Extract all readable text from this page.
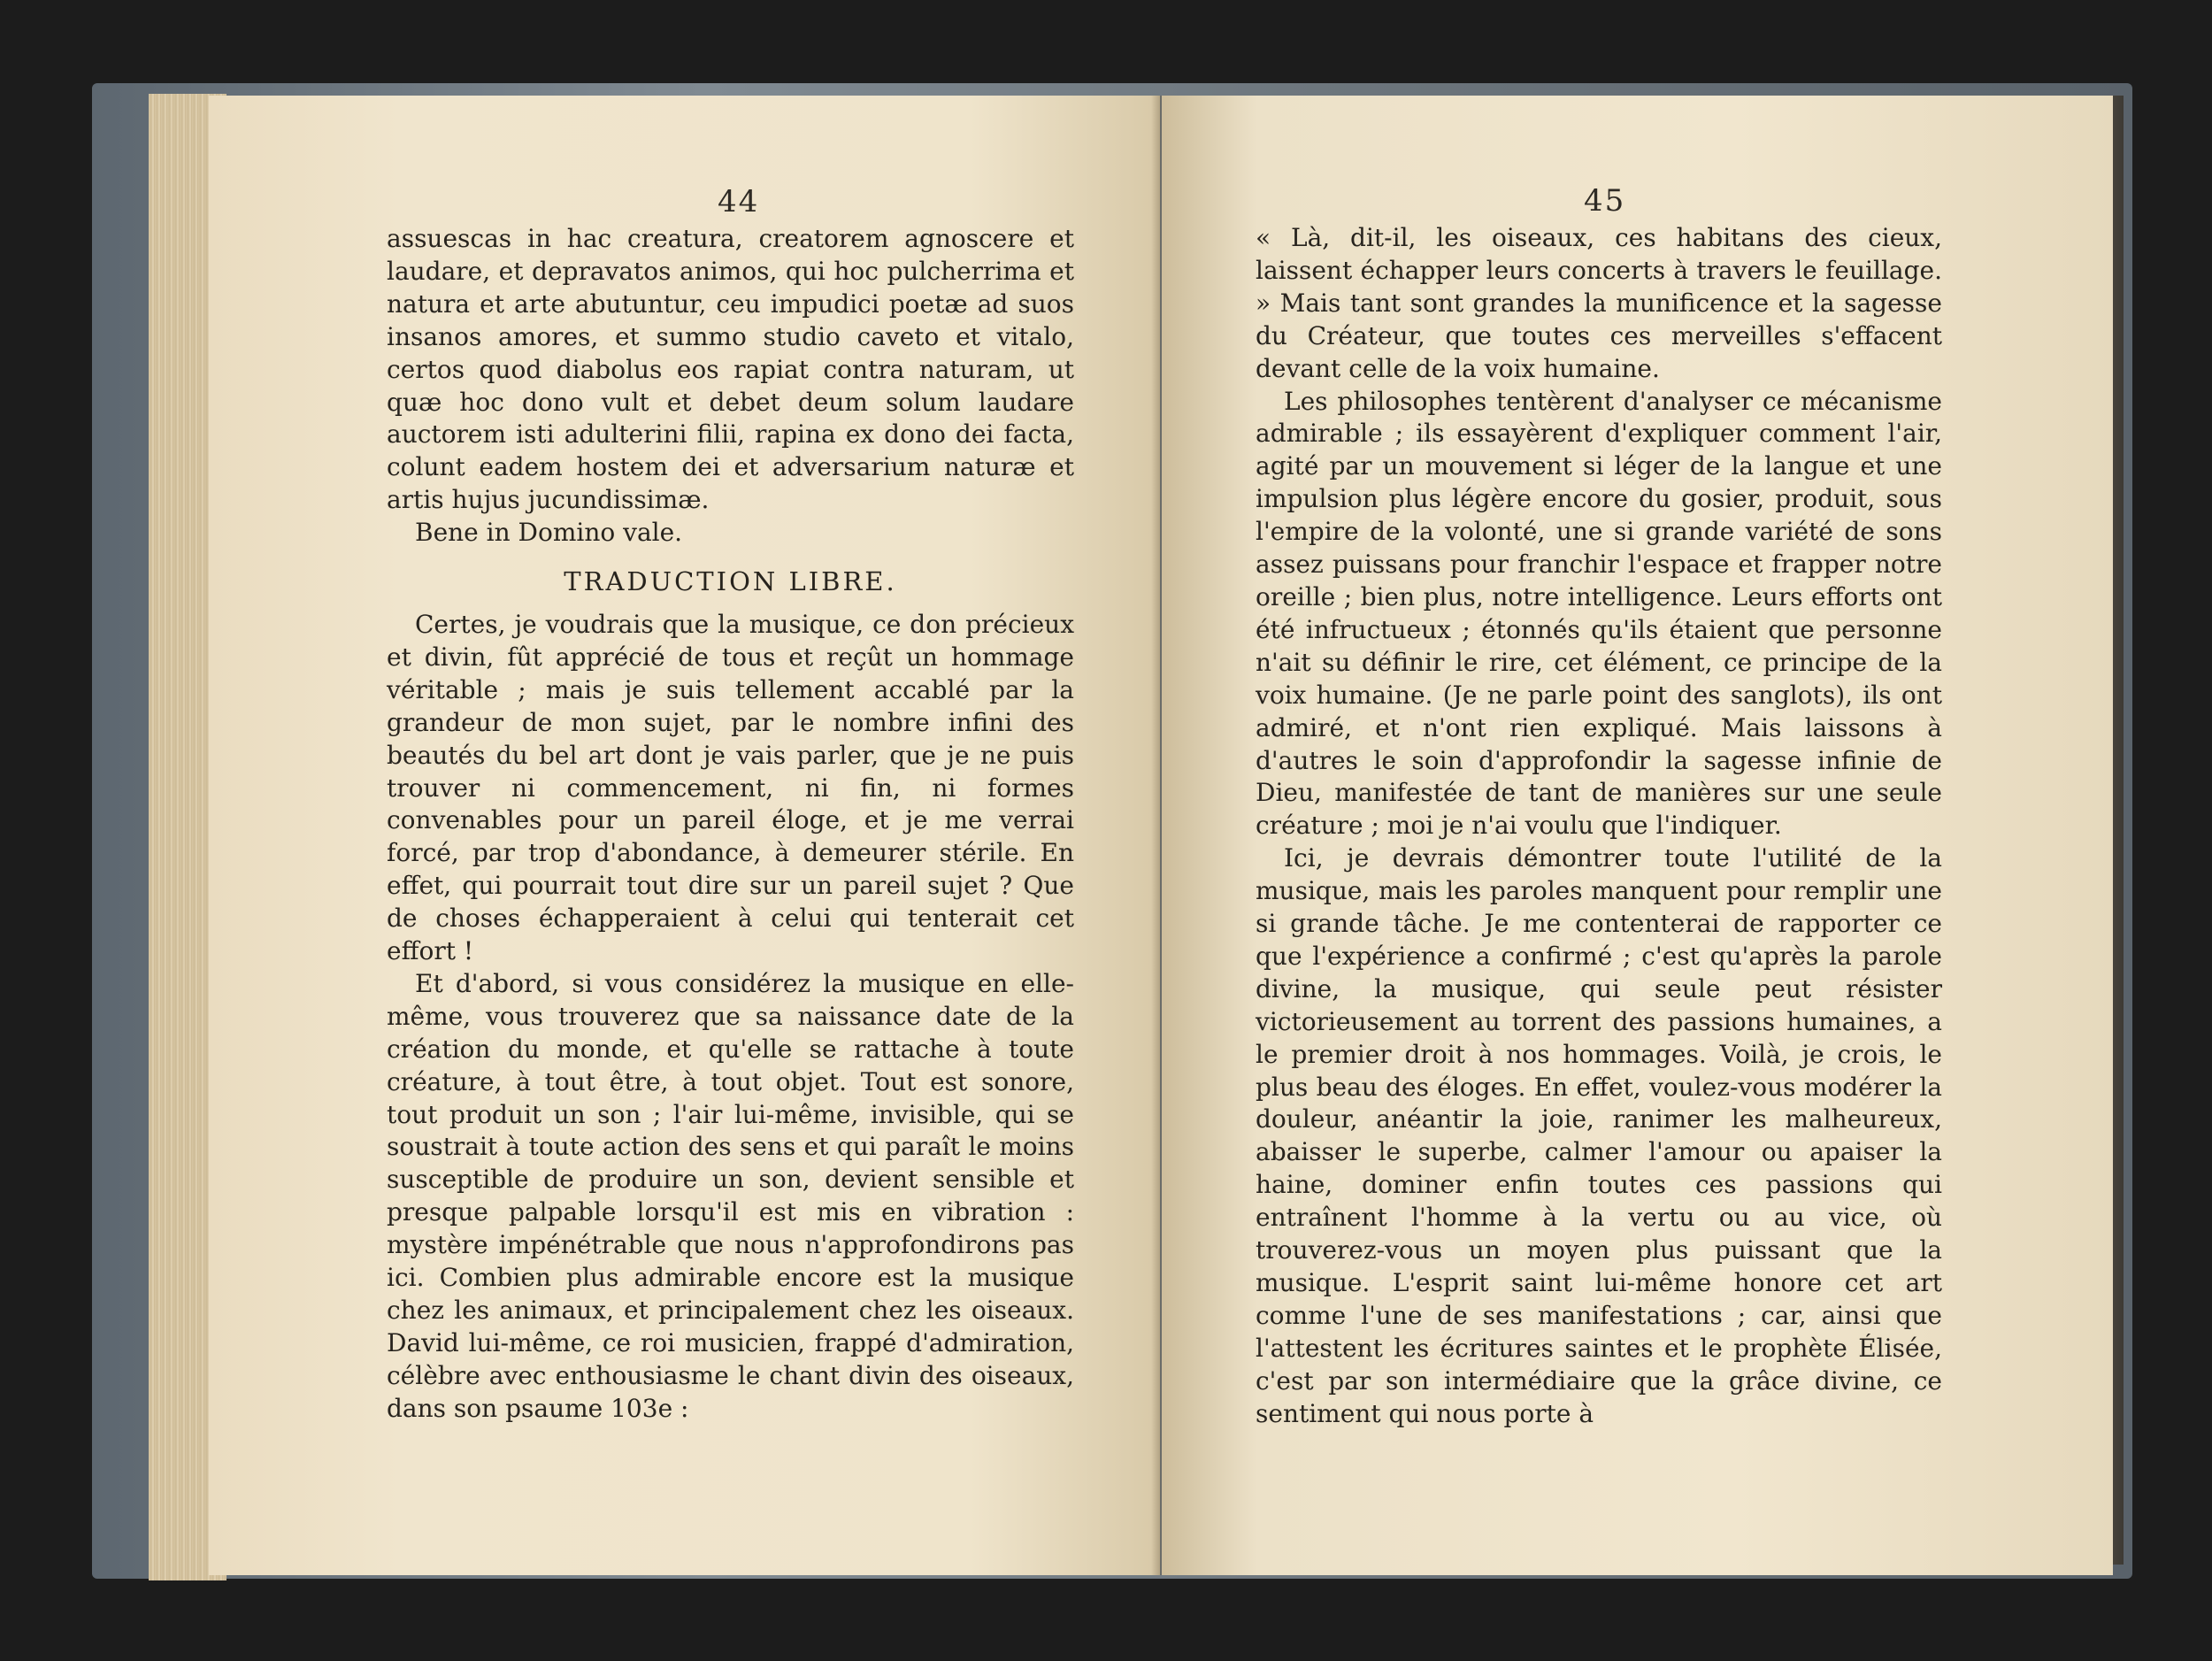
44

assuescas in hac creatura, creatorem agnoscere et laudare, et depravatos animos, qui hoc pulcherrima et natura et arte abutuntur, ceu impudici poetæ ad suos insanos amores, et summo studio caveto et vitalo, certos quod diabolus eos rapiat contra naturam, ut quæ hoc dono vult et debet deum solum laudare auctorem isti adulterini filii, rapina ex dono dei facta, colunt eadem hostem dei et adversarium naturæ et artis hujus jucundissimæ.

Bene in Domino vale.

TRADUCTION LIBRE.

Certes, je voudrais que la musique, ce don précieux et divin, fût apprécié de tous et reçût un hommage véritable ; mais je suis tellement accablé par la grandeur de mon sujet, par le nombre infini des beautés du bel art dont je vais parler, que je ne puis trouver ni commencement, ni fin, ni formes convenables pour un pareil éloge, et je me verrai forcé, par trop d'abondance, à demeurer stérile. En effet, qui pourrait tout dire sur un pareil sujet ? Que de choses échapperaient à celui qui tenterait cet effort !

Et d'abord, si vous considérez la musique en elle-même, vous trouverez que sa naissance date de la création du monde, et qu'elle se rattache à toute créature, à tout être, à tout objet. Tout est sonore, tout produit un son ; l'air lui-même, invisible, qui se soustrait à toute action des sens et qui paraît le moins susceptible de produire un son, devient sensible et presque palpable lorsqu'il est mis en vibration : mystère impénétrable que nous n'approfondirons pas ici. Combien plus admirable encore est la musique chez les animaux, et principalement chez les oiseaux. David lui-même, ce roi musicien, frappé d'admiration, célèbre avec enthousiasme le chant divin des oiseaux, dans son psaume 103e :

45

« Là, dit-il, les oiseaux, ces habitans des cieux, laissent échapper leurs concerts à travers le feuillage. » Mais tant sont grandes la munificence et la sagesse du Créateur, que toutes ces merveilles s'effacent devant celle de la voix humaine.

Les philosophes tentèrent d'analyser ce mécanisme admirable ; ils essayèrent d'expliquer comment l'air, agité par un mouvement si léger de la langue et une impulsion plus légère encore du gosier, produit, sous l'empire de la volonté, une si grande variété de sons assez puissans pour franchir l'espace et frapper notre oreille ; bien plus, notre intelligence. Leurs efforts ont été infructueux ; étonnés qu'ils étaient que personne n'ait su définir le rire, cet élément, ce principe de la voix humaine. (Je ne parle point des sanglots), ils ont admiré, et n'ont rien expliqué. Mais laissons à d'autres le soin d'approfondir la sagesse infinie de Dieu, manifestée de tant de manières sur une seule créature ; moi je n'ai voulu que l'indiquer.

Ici, je devrais démontrer toute l'utilité de la musique, mais les paroles manquent pour remplir une si grande tâche. Je me contenterai de rapporter ce que l'expérience a confirmé ; c'est qu'après la parole divine, la musique, qui seule peut résister victorieusement au torrent des passions humaines, a le premier droit à nos hommages. Voilà, je crois, le plus beau des éloges. En effet, voulez-vous modérer la douleur, anéantir la joie, ranimer les malheureux, abaisser le superbe, calmer l'amour ou apaiser la haine, dominer enfin toutes ces passions qui entraînent l'homme à la vertu ou au vice, où trouverez-vous un moyen plus puissant que la musique. L'esprit saint lui-même honore cet art comme l'une de ses manifestations ; car, ainsi que l'attestent les écritures saintes et le prophète Élisée, c'est par son intermédiaire que la grâce divine, ce sentiment qui nous porte à
